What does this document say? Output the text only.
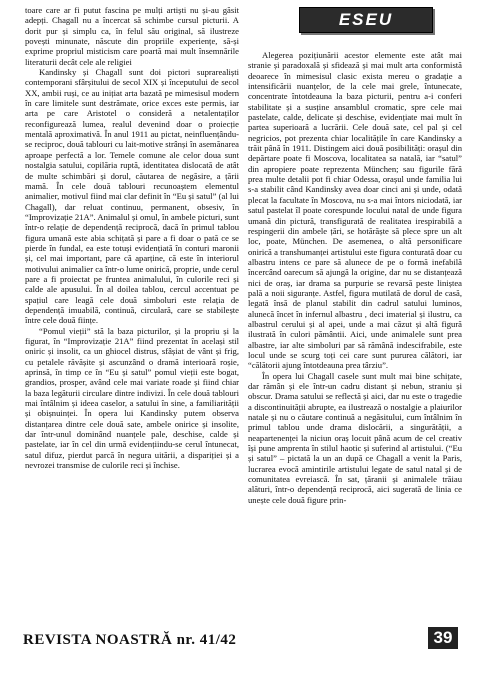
toare care ar fi putut fascina pe mulți artiști nu și-au găsit adepți. Chagall nu a încercat să schimbe cursul picturii. A dorit pur și simplu ca, în felul său original, să ilustreze povești minunate, născute din propriile experiențe, să-și exprime propriul misticism care poartă mai mult însemnările literaturii decât cele ale religiei

Kandinsky și Chagall sunt doi pictori suprarealiști contemporani sfârșitului de secol XIX și începutului de secol XX, ambii ruși, ce au inițiat arta bazată pe mimesisul modern în care limitele sunt destrămate, orice exces este permis, iar arta pe care Aristotel o consideră a netalentaților reconfigurează lumea, realul devenind doar o proiecție mentală aproximativă. În anul 1911 au pictat, neinfluențându-se reciproc, două tablouri cu lait-motive strânși în asemănarea aproape perfectă a lor. Temele comune ale celor doua sunt nostalgia satului, copilăria ruptă, identitatea dislocată de atât de multe schimbări și dorul, căutarea de negăsire, a țării mamă. În cele două tablouri recunoaștem elementul animalier, motivul fiind mai clar definit în “Eu și satul” (al lui Chagall), dar reluat continuu, permanent, obsesiv, în “Improvizație 21A”. Animalul și omul, în ambele picturi, sunt într-o relație de dependență reciprocă, dacă în primul tablou figura umană este abia schițată și pare a fi doar o pată ce se pierde în fundal, ea este totuși evidențiată în conturi maronii și, cel mai important, pare că aparține, că este în interiorul motivului animalier ca într-o lume onirică, proprie, unde cerul pare a fi proiectat pe fruntea animalului, în culorile reci și calde ale apusului. În al doilea tablou, cercul accentuat pe spațiul care leagă cele două simboluri este relația de dependență imuabilă, continuă, circulară, care se stabilește între cele două ființe.

“Pomul vieții” stă la baza picturilor, și la propriu și la figurat, în “Improvizație 21A” fiind prezentat în același stil oniric și insolit, ca un ghiocel distrus, sfâșiat de vânt și frig, cu petalele răvășite și ascunzând o dramă interioară roșie, aprinsă, în timp ce în “Eu și satul” pomul vieții este bogat, grandios, prosper, având cele mai variate roade și fiind chiar la baza legăturii circulare dintre indivizi. În cele două tablouri mai întâlnim și ideea caselor, a satului în sine, a familiarității și obișnuinței. În opera lui Kandinsky putem observa distanțarea dintre cele două sate, ambele onirice și insolite, dar într-unul dominând nuanțele pale, deschise, calde și pastelate, iar în cel din urmă evidențiindu-se cerul întunecat, satul difuz, pierdut parcă în negura uitării, a dispariției și a nevrozei transmise de culorile reci și închise.

ESEU

Alegerea pozițiunării acestor elemente este atât mai stranie și paradoxală și sfidează și mai mult arta conformistă deoarece în mimesisul clasic exista mereu o gradație a intensificării nuanțelor, de la cele mai grele, întunecate, concentrate întotdeauna la baza picturii, pentru a-i conferi stabilitate și a susține ansamblul cromatic, spre cele mai pastelate, calde, delicate și deschise, evidențiate mai mult în partea superioară a lucrării. Cele două sate, cel pal și cel negricios, pot prezenta chiar localitățile în care Kandinsky a trăit până în 1911. Distingem aici două posibilități: orașul din depărtare poate fi Moscova, localitatea sa natală, iar “satul” din apropiere poate reprezenta München; sau figurile fără prea multe detalii pot fi chiar Odessa, orașul unde familia lui s-a stabilit când Kandinsky avea doar cinci ani și unde, odată plecat la facultate în Moscova, nu s-a mai întors niciodată, iar satul pastelat îl poate corespunde locului natal de unde figura umană din pictură, transfigurată de realitatea irespirabilă a respingerii din ambele țări, se hotărăște să plece spre un alt loc, poate, München. De asemenea, o altă personificare onirică a transhumanței artistului este figura conturată doar cu albastru intens ce pare să alunece de pe o formă inefabilă încercând oarecum să ajungă la origine, dar nu se distanțează nici de oraș, iar drama sa purpurie se revarsă peste liniștea pală a noii siguranțe. Astfel, figura mutilată de dorul de casă, legată însă de planul stabilit din cadrul satului luminos, alunecă încet în infernul albastru , deci imaterial și ilustru, ca albastrul cerului și al apei, unde a mai căzut și altă figură ilustrată în culori pământii. Aici, unde animalele sunt prea albastre, iar alte simboluri par să rămână indescifrabile, este locul unde se scurg toți cei care sunt pururea călători, iar “călătorii ajung întotdeauna prea târziu”.

În opera lui Chagall casele sunt mult mai bine schițate, dar rămân și ele într-un cadru distant și nebun, straniu și obscur. Drama satului se reflectă și aici, dar nu este o tragedie a discontinuității abrupte, ea ilustrează o nostalgie a plaiurilor natale și nu o căutare continuă a negăsitului, cum întâlnim în primul tablou unde drama dislocării, a singurătății, a neapartenenței la niciun oraș locuit până acum de cel creativ își pune amprenta în stilul haotic și suferind al artistului. (“Eu și satul” – pictată la un an după ce Chagall a venit la Paris, lucrarea evocă amintirile artistului legate de satul natal și de comunitatea evreiască. În sat, țăranii și animalele trăiau alături, într-o dependență reciprocă, aici sugerată de linia ce unește cele două figure prin-

REVISTA NOASTRĂ nr. 41/42	39
